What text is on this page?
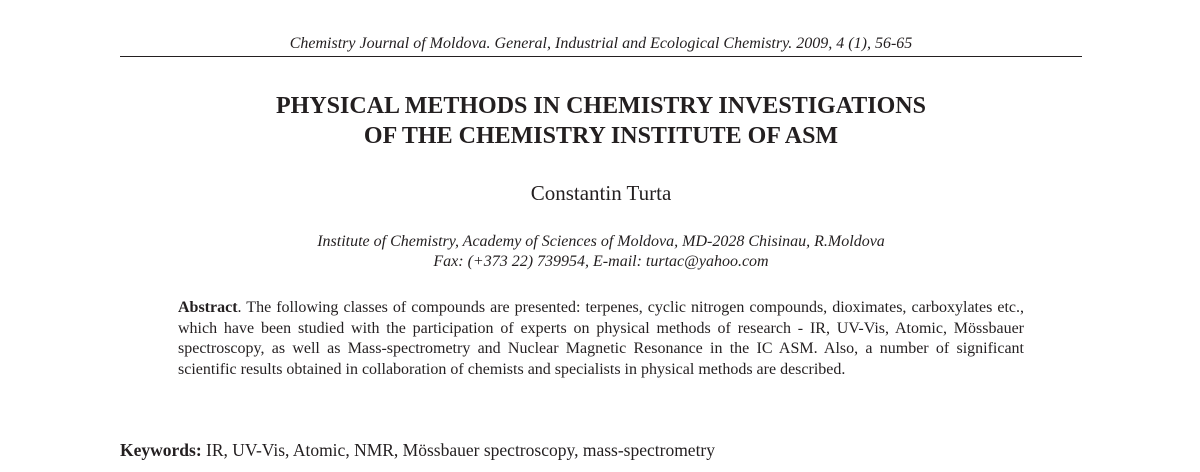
Chemistry Journal of Moldova. General, Industrial and Ecological Chemistry. 2009, 4 (1), 56-65
PHYSICAL METHODS IN CHEMISTRY INVESTIGATIONS
OF THE CHEMISTRY INSTITUTE OF ASM
Constantin Turta
Institute of Chemistry, Academy of Sciences of Moldova, MD-2028 Chisinau, R.Moldova
Fax: (+373 22) 739954, E-mail: turtac@yahoo.com

Abstract. The following classes of compounds are presented: terpenes, cyclic nitrogen compounds, dioximates, carboxylates etc., which have been studied with the participation of experts on physical methods of research - IR, UV-Vis, Atomic, Mössbauer spectroscopy, as well as Mass-spectrometry and Nuclear Magnetic Resonance in the IC ASM. Also, a number of significant scientific results obtained in collaboration of chemists and specialists in physical methods are described.

Keywords: IR, UV-Vis, Atomic, NMR, Mössbauer spectroscopy, mass-spectrometry
